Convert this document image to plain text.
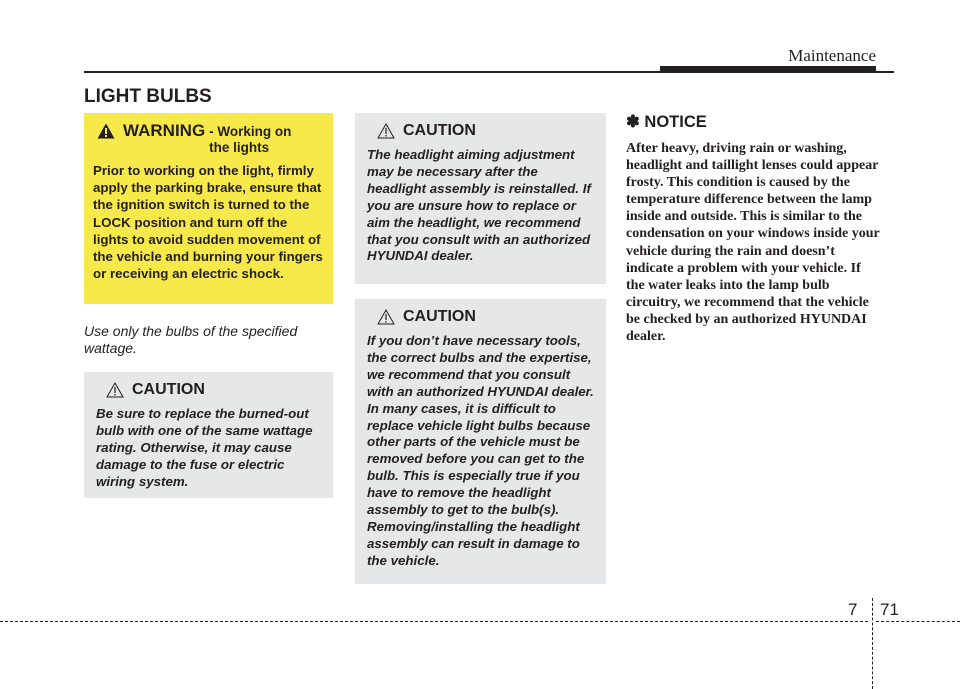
Maintenance
LIGHT BULBS
WARNING - Working on the lights
Prior to working on the light, firmly apply the parking brake, ensure that the ignition switch is turned to the LOCK position and turn off the lights to avoid sudden movement of the vehicle and burning your fingers or receiving an electric shock.
Use only the bulbs of the specified wattage.
CAUTION
Be sure to replace the burned-out bulb with one of the same wattage rating. Otherwise, it may cause damage to the fuse or electric wiring system.
CAUTION
The headlight aiming adjustment may be necessary after the headlight assembly is reinstalled. If you are unsure how to replace or aim the headlight, we recommend that you consult with an authorized HYUNDAI dealer.
CAUTION
If you don’t have necessary tools, the correct bulbs and the expertise, we recommend that you consult with an authorized HYUNDAI dealer. In many cases, it is difficult to replace vehicle light bulbs because other parts of the vehicle must be removed before you can get to the bulb. This is especially true if you have to remove the headlight assembly to get to the bulb(s). Removing/installing the headlight assembly can result in damage to the vehicle.
✽ NOTICE
After heavy, driving rain or washing, headlight and taillight lenses could appear frosty. This condition is caused by the temperature difference between the lamp inside and outside. This is similar to the condensation on your windows inside your vehicle during the rain and doesn’t indicate a problem with your vehicle. If the water leaks into the lamp bulb circuitry, we recommend that the vehicle be checked by an authorized HYUNDAI dealer.
7 71
